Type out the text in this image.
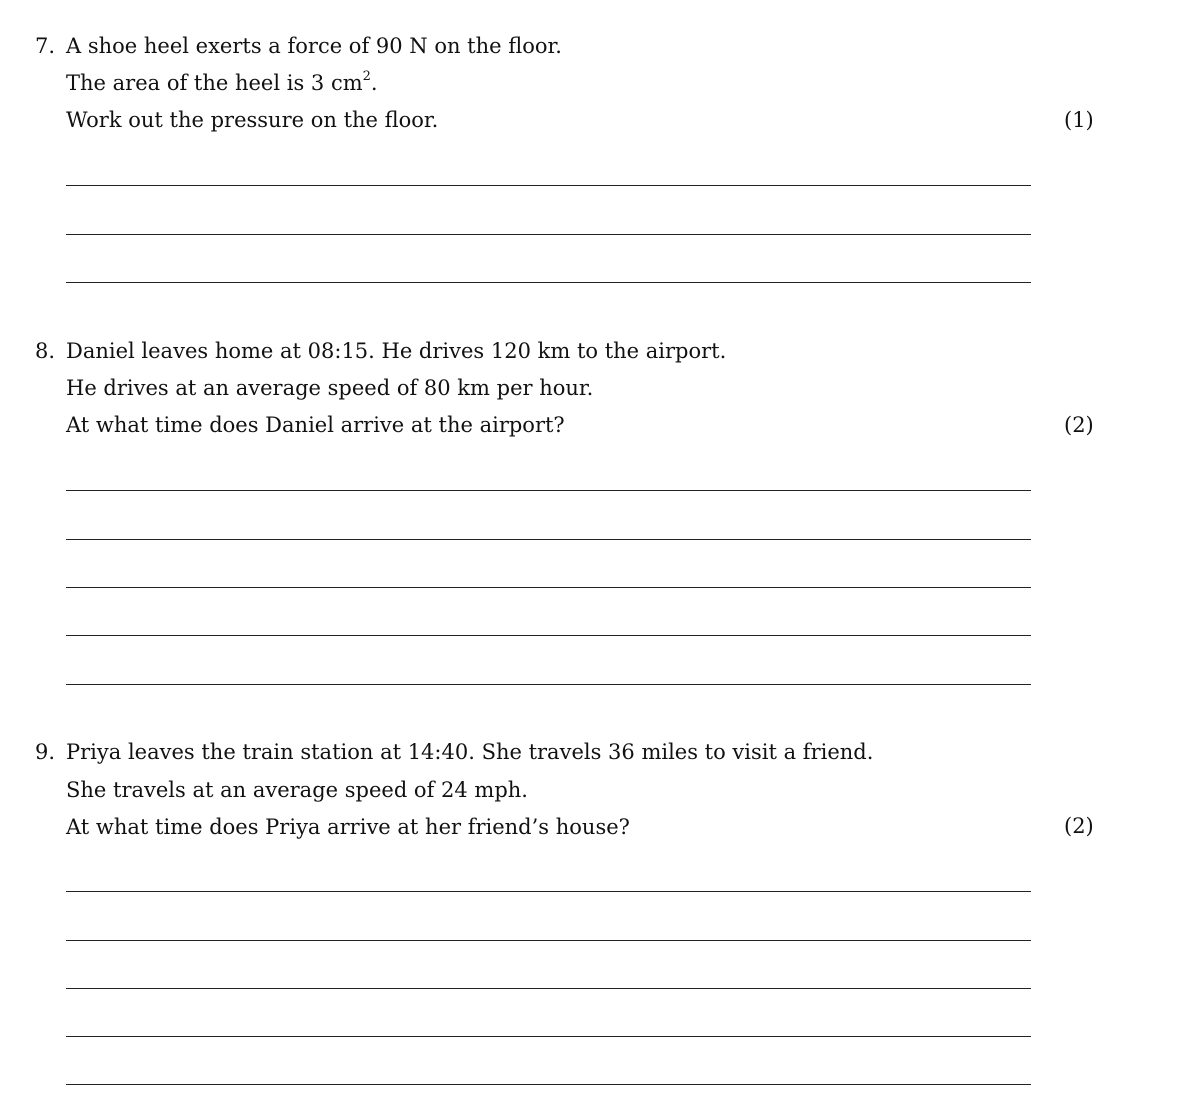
7. A shoe heel exerts a force of 90 N on the floor.
The area of the heel is 3 $cm^2$.
Work out the pressure on the floor.	(1)
8. Daniel leaves home at 08:15. He drives 120 km to the airport.
He drives at an average speed of 80 km per hour.
At what time does Daniel arrive at the airport?	(2)
9. Priya leaves the train station at 14:40. She travels 36 miles to visit a friend.
She travels at an average speed of 24 mph.
At what time does Priya arrive at her friend’s house?	(2)
